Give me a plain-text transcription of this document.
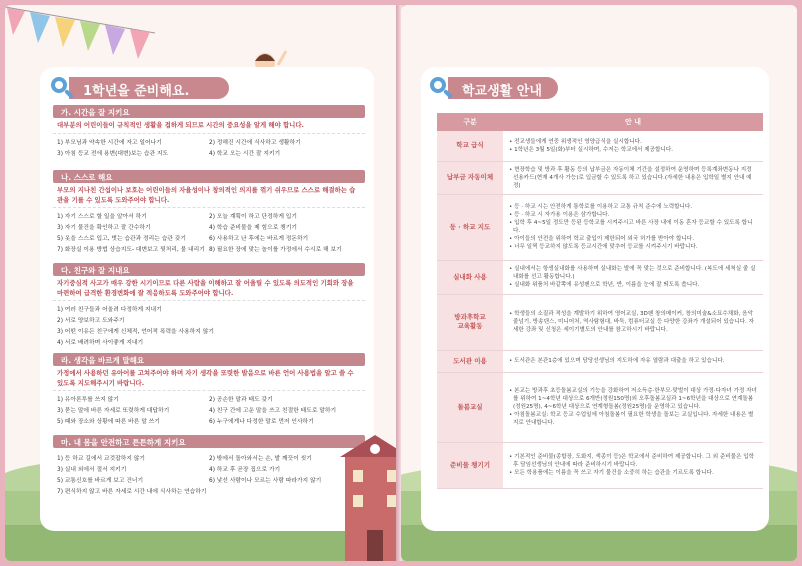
1학년을 준비해요.
가. 시간을 잘 지키요
대부분의 어린이들이 규칙적인 생활을 접하게 되므로 시간의 중요성을 알게 해야 합니다.
1) 부모님과 약속한 시간에 자고 일어나기	2) 정해진 시간에 식사하고 생활하기
3) 아침 등교 전에 용변(대변)보는 습관 지도	4) 학교 오는 시간 잘 지키기
나. 스스로 해요
부모의 지나친 간섭이나 보호는 어린이들의 자율성이나 창의적인 의지를 꺾기 쉬우므로 스스로 해결하는 습관을 기를 수 있도록 도와주어야 합니다.
1) 자기 스스로 할 일을 알아서 하기	2) 오늘 계획이 하고 단정하게 입기
3) 자기 물건을 확인하고 잘 간수하기	4) 학습 준비물을 제 힘으로 챙기기
5) 옷을 스스로 입고, 벗는 습관과 정리는 습관 갖기	6) 사용하고 난 후에는 바르게 정돈하기
7) 화장실 이용 방법 상습지도- 대변보고 뒷처리, 물 내리기 8) 필요한 장에 맞는 놀이를 가정에서 수시로 해 보기
다. 친구와 잘 지내요
자기중심적 사고가 매우 강한 시기이므로 다른 사람을 이해하고 잘 어울릴 수 있도록 의도적인 기회와 장을 마련하여 급격한 환경변화에 잘 적응하도록 도와주어야 합니다.
1) 여러 친구들과 어울려 다정하게 지내기
2) 서로 양보하고 도와주기
3) 어떤 이유든 친구에게 신체적, 언어적 폭력을 사용하지 않기
4) 서로 배려하며 사이좋게 지내기
라. 생각을 바르게 말해요
가정에서 사용하던 유아어를 고쳐주어야 하며 자기 생각을 또렷한 발음으로 바른 언어 사용법을 알고 쓸 수 있도록 지도해주시기 바랍니다.
1) 유아론투를 쓰지 않기	2) 공손한 말과 태도 갖기
3) 묻는 말에 바른 자세로 또렷하게 대답하기	4) 친구 간에 고운 말을 쓰고 친절한 태도로 말하기
5) 때와 장소와 상황에 따른 바른 말 쓰기	6) 누구에게나 다정한 말로 먼저 인사하기
마. 내 몸을 안전하고 튼튼하게 지키요
1) 등 하교 길에서 교것잡하지 않기	2) 밖에서 돌아와서는 손, 발 깨끗이 씻기
3) 실내 외에서 절서 지키기	4) 하교 후 곧장 집으로 가기
5) 교통신호를 바르게 보고 건너기	6) 낯선 사람이나 모르는 사람 따라가지 않기
7) 편식하지 않고 바른 자세로 시간 내에 식사하는 연습하기
학교생활 안내
구분	안 내
학교 급식	• 전교생들에게 연중 위생적인 영양급식을 실시합니다.
• 1학년은 3월 5일(화)부터 실시하며, 수저는 학교에서 제공합니다.

납부금 자동이체	• 현장학습 및 방과 후 활동 등의 납부금은 자동이체 기간을 설정하여 운영하며 등록계좌변동나 지정 선용카드(현재 4개사 가능)로 입금할 수 있도록 하고 있습니다.(자세한 내용은 입학일 별지 안내 예정)

등 · 하교 지도	• 등 · 하교 시는 안전하게 통학로를 이용하고 교통 규칙 준수에 노력합니다.
• 등 · 하교 시 자가용 이용은 삼가합니다.
• 입학 후 4~5일 정도만 등된 등학교를 시켜주시고 바른 사장 내에 이동 혼자 등교할 수 있도록 합니다.
• 아이들의 안전을 위하여 학교 출입이 제한되어 외국 허가를 받아야 합니다.
• 너무 일찍 등교하지 않도록 등교시간에 맞추어 등교를 시켜주시기 바랍니다.

실내화 사용	• 실내에서는 항생실내화를 사용하며 실내화는 발에 꼭 맞는 것으로 준비합니다. (복도에 세척실 줄 실내화를 선고 활동합니다.)
• 실내화 위품처 바같쪽에 유성펜으로 학년, 반, 이름을 눈에 잘 띄도록 씁니다.

방과후학교
교육활동	• 학생들의 소질과 적성을 계발하기 위하여 영어교실, 3D펜 창의메이커, 창의미술&소묘수채화, 음악줄넘기, 방송댄스, 미니어처, 역사탐험대, 바둑, 컴퓨터교실 등 다양한 강좌가 개설되어 있습니다. 자세한 강좌 및 신청은 세이기별도의 안내를 참고하시기 바랍니다.

도서관 이용	• 도서관은 본관1층에 있으며 담당선생님의 지도하에 자유 열람과 대출을 하고 있습니다.

돌봄교실	• 본교는 방과후 초등돌봄교실의 기능을 강화하여 저소득층·한부모·맞벌이 대상 가정·다자녀 가정 자녀를 위하여 1~4학년 대상으로 6개반(정원150명)외 오후돌봄교실과 1~6학년을 대상으로 연계돌봄(정원25명), 4~6학년 대상으로 연계형돌봄(정원25명)을 운영하고 있습니다.
• 아침돌봄교실: 학교 등교 수업일에 아침돌봄이 필요한 학생을 돌보는 교실입니다. 자세한 내용은 별지로 안내합니다.

준비물 챙기기	• 기본적인 준비물(종합장, 도화지, 색종이 등)은 학교에서 준비하여 제공합니다. 그 외 준비물은 입학 후 담임선생님의 안내에 따라 준비하시기 바랍니다.
• 모든 학용품에는 이름을 꼭 쓰고 자기 물건을 소중히 하는 습관을 기르도록 합니다.
